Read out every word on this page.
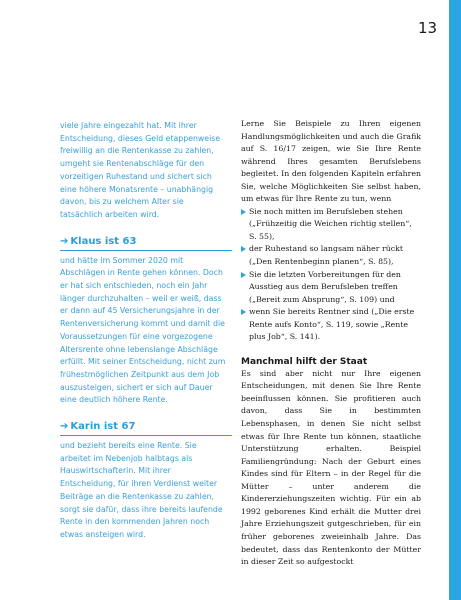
13

viele Jahre eingezahlt hat. Mit ihrer Entscheidung, dieses Geld etappenweise freiwillig an die Rentenkasse zu zahlen, umgeht sie Rentenabschläge für den vorzeitigen Ruhestand und sichert sich eine höhere Monatsrente – unabhängig davon, bis zu welchem Alter sie tatsächlich arbeiten wird.

➔ Klaus ist 63

und hätte im Sommer 2020 mit Abschlägen in Rente gehen können. Doch er hat sich entschieden, noch ein Jahr länger durchzuhalten – weil er weiß, dass er dann auf 45 Versicherungsjahre in der Rentenversicherung kommt und damit die Voraussetzungen für eine vorgezogene Altersrente ohne lebenslange Abschläge erfüllt. Mit seiner Entscheidung, nicht zum frühestmöglichen Zeitpunkt aus dem Job auszusteigen, sichert er sich auf Dauer eine deutlich höhere Rente.

➔ Karin ist 67

und bezieht bereits eine Rente. Sie arbeitet im Nebenjob halbtags als Hauswirtschafterin. Mit ihrer Entscheidung, für ihren Verdienst weiter Beiträge an die Rentenkasse zu zahlen, sorgt sie dafür, dass ihre bereits laufende Rente in den kommenden Jahren noch etwas ansteigen wird.

Lerne Sie Beispiele zu Ihren eigenen Handlungsmöglichkeiten und auch die Grafik auf S. 16/17 zeigen, wie Sie Ihre Rente während Ihres gesamten Berufslebens begleitet. In den folgenden Kapiteln erfahren Sie, welche Möglichkeiten Sie selbst haben, um etwas für Ihre Rente zu tun, wenn

Sie noch mitten im Berufsleben stehen („Frühzeitig die Weichen richtig stellen“, S. 55),
der Ruhestand so langsam näher rückt („Den Rentenbeginn planen“, S. 85),
Sie die letzten Vorbereitungen für den Ausstieg aus dem Berufsleben treffen („Bereit zum Absprung“, S. 109) und
wenn Sie bereits Rentner sind („Die erste Rente aufs Konto“, S. 119, sowie „Rente plus Job“, S. 141).
Manchmal hilft der Staat

Es sind aber nicht nur Ihre eigenen Entscheidungen, mit denen Sie Ihre Rente beeinflussen können. Sie profitieren auch davon, dass Sie in bestimmten Lebensphasen, in denen Sie nicht selbst etwas für Ihre Rente tun können, staatliche Unterstützung erhalten. Beispiel Familiengründung: Nach der Geburt eines Kindes sind für Eltern – in der Regel für die Mütter – unter anderem die Kindererziehungszeiten wichtig. Für ein ab 1992 geborenes Kind erhält die Mutter drei Jahre Erziehungszeit gutgeschrieben, für ein früher geborenes zweieinhalb Jahre. Das bedeutet, dass das Rentenkonto der Mütter in dieser Zeit so aufgestockt
